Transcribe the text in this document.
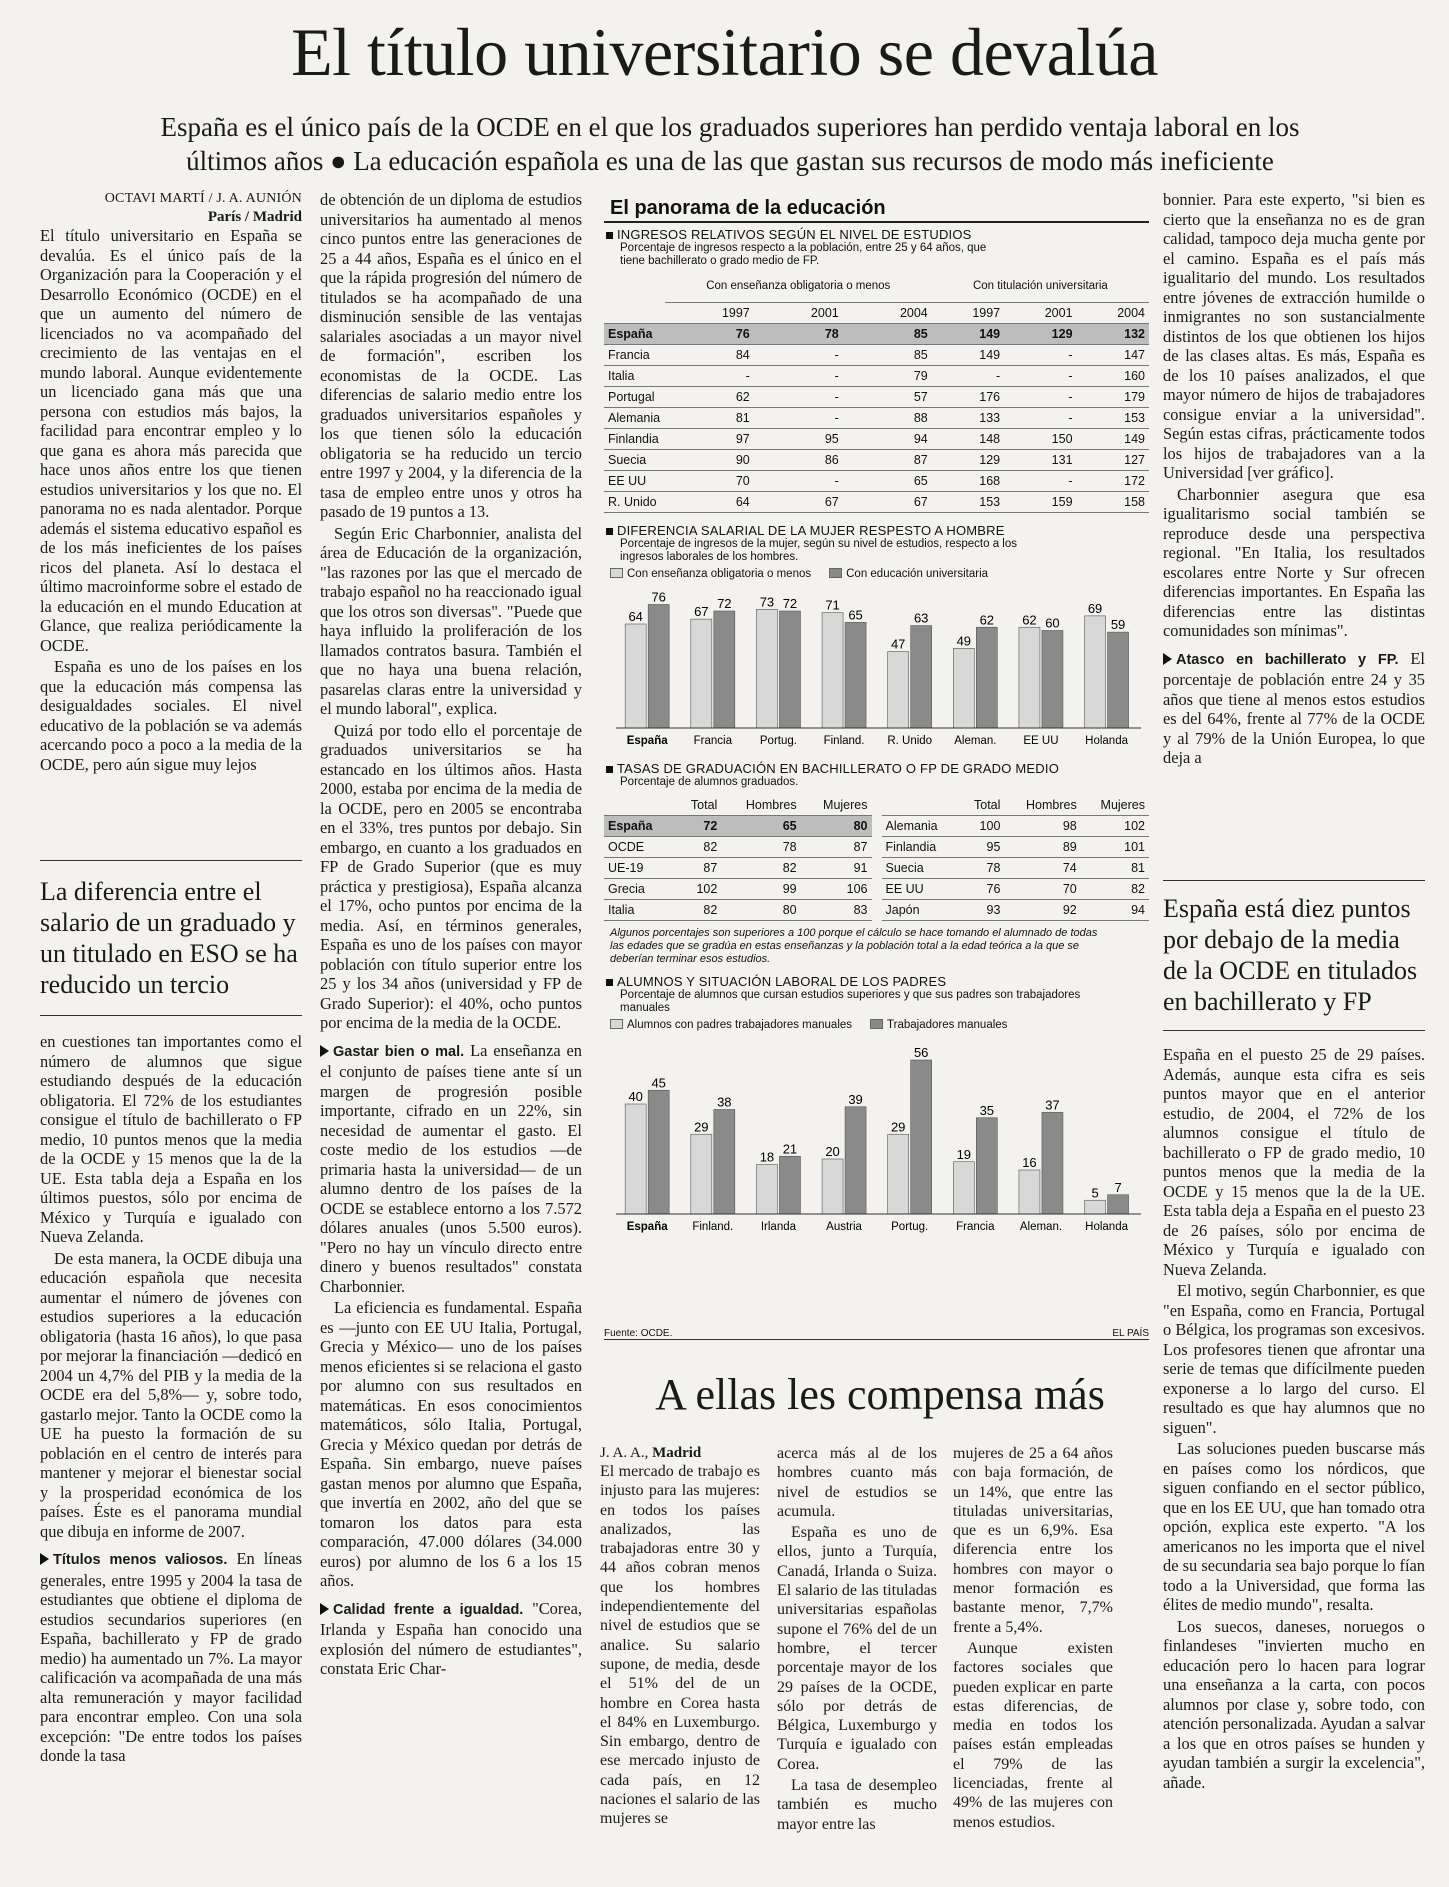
El título universitario se devalúa
España es el único país de la OCDE en el que los graduados superiores han perdido ventaja laboral en los
últimos años ● La educación española es una de las que gastan sus recursos de modo más ineficiente
OCTAVI MARTÍ / J. A. AUNIÓN
París / Madrid

El título universitario en España se devalúa. Es el único país de la Organización para la Cooperación y el Desarrollo Económico (OCDE) en el que un aumento del número de licenciados no va acompañado del crecimiento de las ventajas en el mundo laboral. Aunque evidentemente un licenciado gana más que una persona con estudios más bajos, la facilidad para encontrar empleo y lo que gana es ahora más parecida que hace unos años entre los que tienen estudios universitarios y los que no. El panorama no es nada alentador. Porque además el sistema educativo español es de los más ineficientes de los países ricos del planeta. Así lo destaca el último macroinforme sobre el estado de la educación en el mundo Education at Glance, que realiza periódicamente la OCDE.

España es uno de los países en los que la educación más compensa las desigualdades sociales. El nivel educativo de la población se va además acercando poco a poco a la media de la OCDE, pero aún sigue muy lejos

La diferencia entre el salario de un graduado y un titulado en ESO se ha reducido un tercio

en cuestiones tan importantes como el número de alumnos que sigue estudiando después de la educación obligatoria. El 72% de los estudiantes consigue el título de bachillerato o FP medio, 10 puntos menos que la media de la OCDE y 15 menos que la de la UE. Esta tabla deja a España en los últimos puestos, sólo por encima de México y Turquía e igualado con Nueva Zelanda.

De esta manera, la OCDE dibuja una educación española que necesita aumentar el número de jóvenes con estudios superiores a la educación obligatoria (hasta 16 años), lo que pasa por mejorar la financiación —dedicó en 2004 un 4,7% del PIB y la media de la OCDE era del 5,8%— y, sobre todo, gastarlo mejor. Tanto la OCDE como la UE ha puesto la formación de su población en el centro de interés para mantener y mejorar el bienestar social y la prosperidad económica de los países. Éste es el panorama mundial que dibuja en informe de 2007.

Títulos menos valiosos. En líneas generales, entre 1995 y 2004 la tasa de estudiantes que obtiene el diploma de estudios secundarios superiores (en España, bachillerato y FP de grado medio) ha aumentado un 7%. La mayor calificación va acompañada de una más alta remuneración y mayor facilidad para encontrar empleo. Con una sola excepción: "De entre todos los países donde la tasa

de obtención de un diploma de estudios universitarios ha aumentado al menos cinco puntos entre las generaciones de 25 a 44 años, España es el único en el que la rápida progresión del número de titulados se ha acompañado de una disminución sensible de las ventajas salariales asociadas a un mayor nivel de formación", escriben los economistas de la OCDE. Las diferencias de salario medio entre los graduados universitarios españoles y los que tienen sólo la educación obligatoria se ha reducido un tercio entre 1997 y 2004, y la diferencia de la tasa de empleo entre unos y otros ha pasado de 19 puntos a 13.

Según Eric Charbonnier, analista del área de Educación de la organización, "las razones por las que el mercado de trabajo español no ha reaccionado igual que los otros son diversas". "Puede que haya influido la proliferación de los llamados contratos basura. También el que no haya una buena relación, pasarelas claras entre la universidad y el mundo laboral", explica.

Quizá por todo ello el porcentaje de graduados universitarios se ha estancado en los últimos años. Hasta 2000, estaba por encima de la media de la OCDE, pero en 2005 se encontraba en el 33%, tres puntos por debajo. Sin embargo, en cuanto a los graduados en FP de Grado Superior (que es muy práctica y prestigiosa), España alcanza el 17%, ocho puntos por encima de la media. Así, en términos generales, España es uno de los países con mayor población con título superior entre los 25 y los 34 años (universidad y FP de Grado Superior): el 40%, ocho puntos por encima de la media de la OCDE.

Gastar bien o mal. La enseñanza en el conjunto de países tiene ante sí un margen de progresión posible importante, cifrado en un 22%, sin necesidad de aumentar el gasto. El coste medio de los estudios —de primaria hasta la universidad— de un alumno dentro de los países de la OCDE se establece entorno a los 7.572 dólares anuales (unos 5.500 euros). "Pero no hay un vínculo directo entre dinero y buenos resultados" constata Charbonnier.

La eficiencia es fundamental. España es —junto con EE UU Italia, Portugal, Grecia y México— uno de los países menos eficientes si se relaciona el gasto por alumno con sus resultados en matemáticas. En esos conocimientos matemáticos, sólo Italia, Portugal, Grecia y México quedan por detrás de España. Sin embargo, nueve países gastan menos por alumno que España, que invertía en 2002, año del que se tomaron los datos para esta comparación, 47.000 dólares (34.000 euros) por alumno de los 6 a los 15 años.

Calidad frente a igualdad. "Corea, Irlanda y España han conocido una explosión del número de estudiantes", constata Eric Char-

El panorama de la educación
INGRESOS RELATIVOS SEGÚN EL NIVEL DE ESTUDIOS
Porcentaje de ingresos respecto a la población, entre 25 y 64 años, que tiene bachillerato o grado medio de FP.
	Con enseñanza obligatoria o menos			Con titulación universitaria		
	1997	2001	2004	1997	2001	2004
España	76	78	85	149	129	132
Francia	84	-	85	149	-	147
Italia	-	-	79	-	-	160
Portugal	62	-	57	176	-	179
Alemania	81	-	88	133	-	153
Finlandia	97	95	94	148	150	149
Suecia	90	86	87	129	131	127
EE UU	70	-	65	168	-	172
R. Unido	64	67	67	153	159	158
DIFERENCIA SALARIAL DE LA MUJER RESPESTO A HOMBRE
Porcentaje de ingresos de la mujer, según su nivel de estudios, respecto a los ingresos laborales de los hombres.
Con enseñanza obligatoria o menos	Con educación universitaria
64
76
España
67
72
Francia
73 72
Portug.
71
65
Finland.
47
63
R. Unido
49
62
Aleman.
62 60
EE UU
69
59
Holanda
TASAS DE GRADUACIÓN EN BACHILLERATO O FP DE GRADO MEDIO
Porcentaje de alumnos graduados.
	Total	Hombres	Mujeres
España	72	65	80
OCDE	82	78	87
UE-19	87	82	91
Grecia	102	99	106
Italia	82	80	83
	Total	Hombres	Mujeres
Alemania	100	98	102
Finlandia	95	89	101
Suecia	78	74	81
EE UU	76	70	82
Japón	93	92	94
Algunos porcentajes son superiores a 100 porque el cálculo se hace tomando el alumnado de todas las edades que se gradúa en estas enseñanzas y la población total a la edad teórica a la que se deberían terminar esos estudios.
ALUMNOS Y SITUACIÓN LABORAL DE LOS PADRES
Porcentaje de alumnos que cursan estudios superiores y que sus padres son trabajadores manuales
Alumnos con padres trabajadores manuales	Trabajadores manuales
40
45
España
29
38
Finland.
18
21
Irlanda
20
39
Austria
29
56
Portug.
19
35
Francia
16
37
Aleman.
5 7
Holanda
Fuente: OCDE.	EL PAÍS
A ellas les compensa más
J. A. A., Madrid

El mercado de trabajo es injusto para las mujeres: en todos los países analizados, las trabajadoras entre 30 y 44 años cobran menos que los hombres independientemente del nivel de estudios que se analice. Su salario supone, de media, desde el 51% del de un hombre en Corea hasta el 84% en Luxemburgo. Sin embargo, dentro de ese mercado injusto de cada país, en 12 naciones el salario de las mujeres se

acerca más al de los hombres cuanto más nivel de estudios se acumula.

España es uno de ellos, junto a Turquía, Canadá, Irlanda o Suiza. El salario de las tituladas universitarias españolas supone el 76% del de un hombre, el tercer porcentaje mayor de los 29 países de la OCDE, sólo por detrás de Bélgica, Luxemburgo y Turquía e igualado con Corea.

La tasa de desempleo también es mucho mayor entre las

mujeres de 25 a 64 años con baja formación, de un 14%, que entre las tituladas universitarias, que es un 6,9%. Esa diferencia entre los hombres con mayor o menor formación es bastante menor, 7,7% frente a 5,4%.

Aunque existen factores sociales que pueden explicar en parte estas diferencias, de media en todos los países están empleadas el 79% de las licenciadas, frente al 49% de las mujeres con menos estudios.

bonnier. Para este experto, "si bien es cierto que la enseñanza no es de gran calidad, tampoco deja mucha gente por el camino. España es el país más igualitario del mundo. Los resultados entre jóvenes de extracción humilde o inmigrantes no son sustancialmente distintos de los que obtienen los hijos de las clases altas. Es más, España es de los 10 países analizados, el que mayor número de hijos de trabajadores consigue enviar a la universidad". Según estas cifras, prácticamente todos los hijos de trabajadores van a la Universidad [ver gráfico].

Charbonnier asegura que esa igualitarismo social también se reproduce desde una perspectiva regional. "En Italia, los resultados escolares entre Norte y Sur ofrecen diferencias importantes. En España las diferencias entre las distintas comunidades son mínimas".

Atasco en bachillerato y FP. El porcentaje de población entre 24 y 35 años que tiene al menos estos estudios es del 64%, frente al 77% de la OCDE y al 79% de la Unión Europea, lo que deja a

España está diez puntos por debajo de la media de la OCDE en titulados en bachillerato y FP

España en el puesto 25 de 29 países. Además, aunque esta cifra es seis puntos mayor que en el anterior estudio, de 2004, el 72% de los alumnos consigue el título de bachillerato o FP de grado medio, 10 puntos menos que la media de la OCDE y 15 menos que la de la UE. Esta tabla deja a España en el puesto 23 de 26 países, sólo por encima de México y Turquía e igualado con Nueva Zelanda.

El motivo, según Charbonnier, es que "en España, como en Francia, Portugal o Bélgica, los programas son excesivos. Los profesores tienen que afrontar una serie de temas que difícilmente pueden exponerse a lo largo del curso. El resultado es que hay alumnos que no siguen".

Las soluciones pueden buscarse más en países como los nórdicos, que siguen confiando en el sector público, que en los EE UU, que han tomado otra opción, explica este experto. "A los americanos no les importa que el nivel de su secundaria sea bajo porque lo fían todo a la Universidad, que forma las élites de medio mundo", resalta.

Los suecos, daneses, noruegos o finlandeses "invierten mucho en educación pero lo hacen para lograr una enseñanza a la carta, con pocos alumnos por clase y, sobre todo, con atención personalizada. Ayudan a salvar a los que en otros países se hunden y ayudan también a surgir la excelencia", añade.
